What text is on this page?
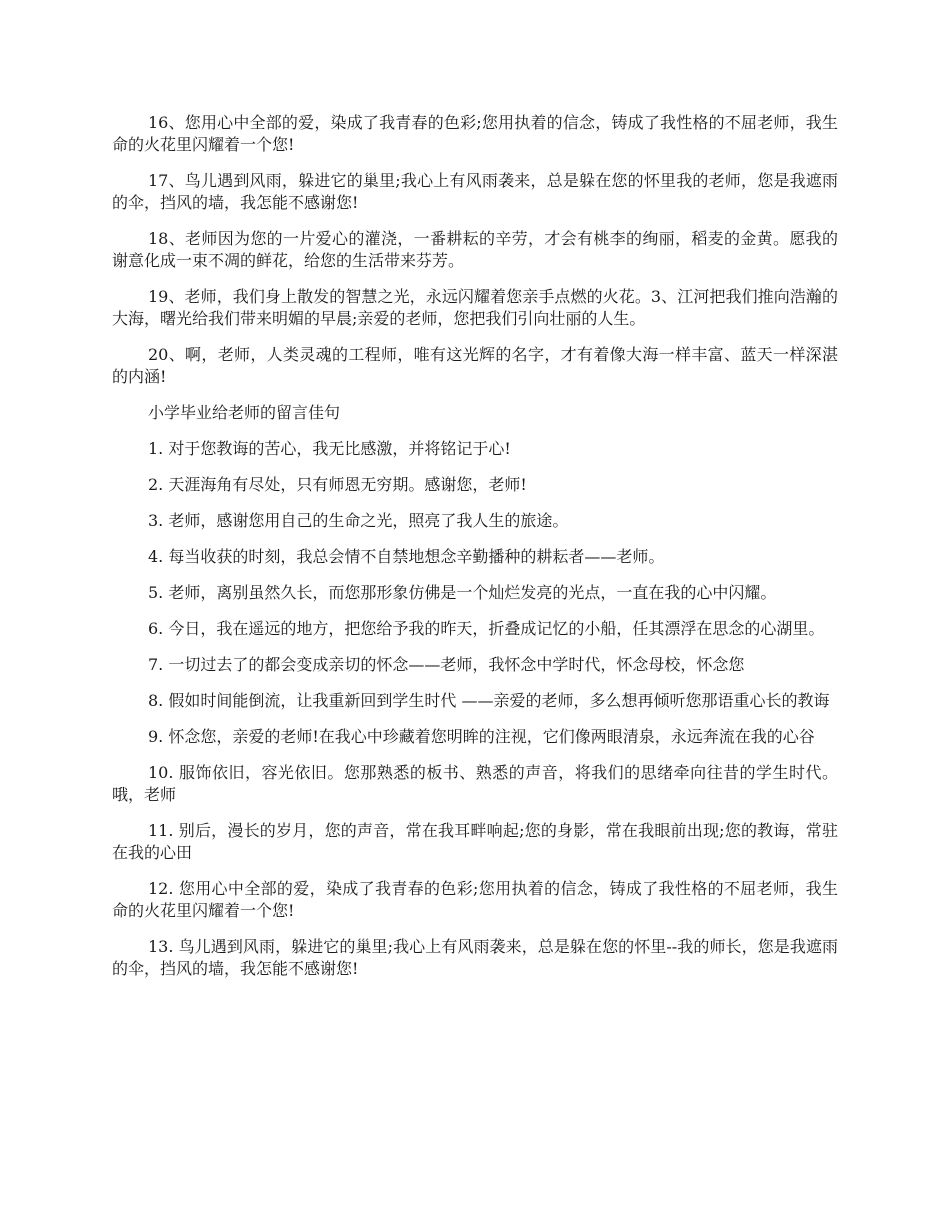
16、您用心中全部的爱，染成了我青春的色彩;您用执着的信念，铸成了我性格的不屈老师，我生命的火花里闪耀着一个您!

17、鸟儿遇到风雨，躲进它的巢里;我心上有风雨袭来，总是躲在您的怀里我的老师，您是我遮雨的伞，挡风的墙，我怎能不感谢您!

18、老师因为您的一片爱心的灌浇，一番耕耘的辛劳，才会有桃李的绚丽，稻麦的金黄。愿我的谢意化成一束不凋的鲜花，给您的生活带来芬芳。

19、老师，我们身上散发的智慧之光，永远闪耀着您亲手点燃的火花。3、江河把我们推向浩瀚的大海，曙光给我们带来明媚的早晨;亲爱的老师，您把我们引向壮丽的人生。

20、啊，老师，人类灵魂的工程师，唯有这光辉的名字，才有着像大海一样丰富、蓝天一样深湛的内涵!

小学毕业给老师的留言佳句

1. 对于您教诲的苦心，我无比感激，并将铭记于心!

2. 天涯海角有尽处，只有师恩无穷期。感谢您，老师!

3. 老师，感谢您用自己的生命之光，照亮了我人生的旅途。

4. 每当收获的时刻，我总会情不自禁地想念辛勤播种的耕耘者——老师。

5. 老师，离别虽然久长，而您那形象仿佛是一个灿烂发亮的光点，一直在我的心中闪耀。

6. 今日，我在遥远的地方，把您给予我的昨天，折叠成记忆的小船，任其漂浮在思念的心湖里。

7. 一切过去了的都会变成亲切的怀念——老师，我怀念中学时代，怀念母校，怀念您

8. 假如时间能倒流，让我重新回到学生时代 ——亲爱的老师，多么想再倾听您那语重心长的教诲

9. 怀念您，亲爱的老师!在我心中珍藏着您明眸的注视，它们像两眼清泉，永远奔流在我的心谷

10. 服饰依旧，容光依旧。您那熟悉的板书、熟悉的声音，将我们的思绪牵向往昔的学生时代。哦，老师

11. 别后，漫长的岁月，您的声音，常在我耳畔响起;您的身影，常在我眼前出现;您的教诲，常驻在我的心田

12. 您用心中全部的爱，染成了我青春的色彩;您用执着的信念，铸成了我性格的不屈老师，我生命的火花里闪耀着一个您!

13. 鸟儿遇到风雨，躲进它的巢里;我心上有风雨袭来，总是躲在您的怀里--我的师长，您是我遮雨的伞，挡风的墙，我怎能不感谢您!
